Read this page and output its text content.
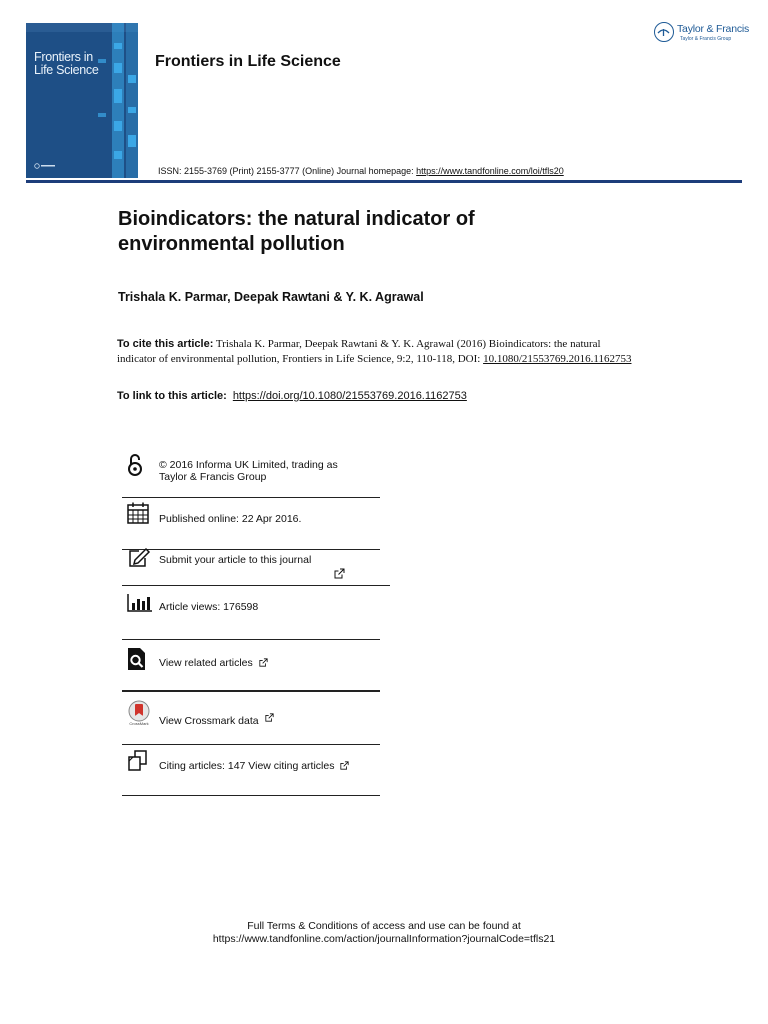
Frontiers in
Life Science
Taylor & Francis
Taylor & Francis Group
Frontiers in Life Science
ISSN: 2155-3769 (Print) 2155-3777 (Online) Journal homepage: https://www.tandfonline.com/loi/tfls20
Bioindicators: the natural indicator of
environmental pollution
Trishala K. Parmar, Deepak Rawtani & Y. K. Agrawal
To cite this article: Trishala K. Parmar, Deepak Rawtani & Y. K. Agrawal (2016) Bioindicators: the natural indicator of environmental pollution, Frontiers in Life Science, 9:2, 110-118, DOI: 10.1080/21553769.2016.1162753
To link to this article: https://doi.org/10.1080/21553769.2016.1162753
© 2016 Informa UK Limited, trading as
Taylor & Francis Group
Published online: 22 Apr 2016.
Submit your article to this journal
Article views: 176598
View related articles
CrossMark View Crossmark data
Citing articles: 147 View citing articles
Full Terms & Conditions of access and use can be found at
https://www.tandfonline.com/action/journalInformation?journalCode=tfls21
